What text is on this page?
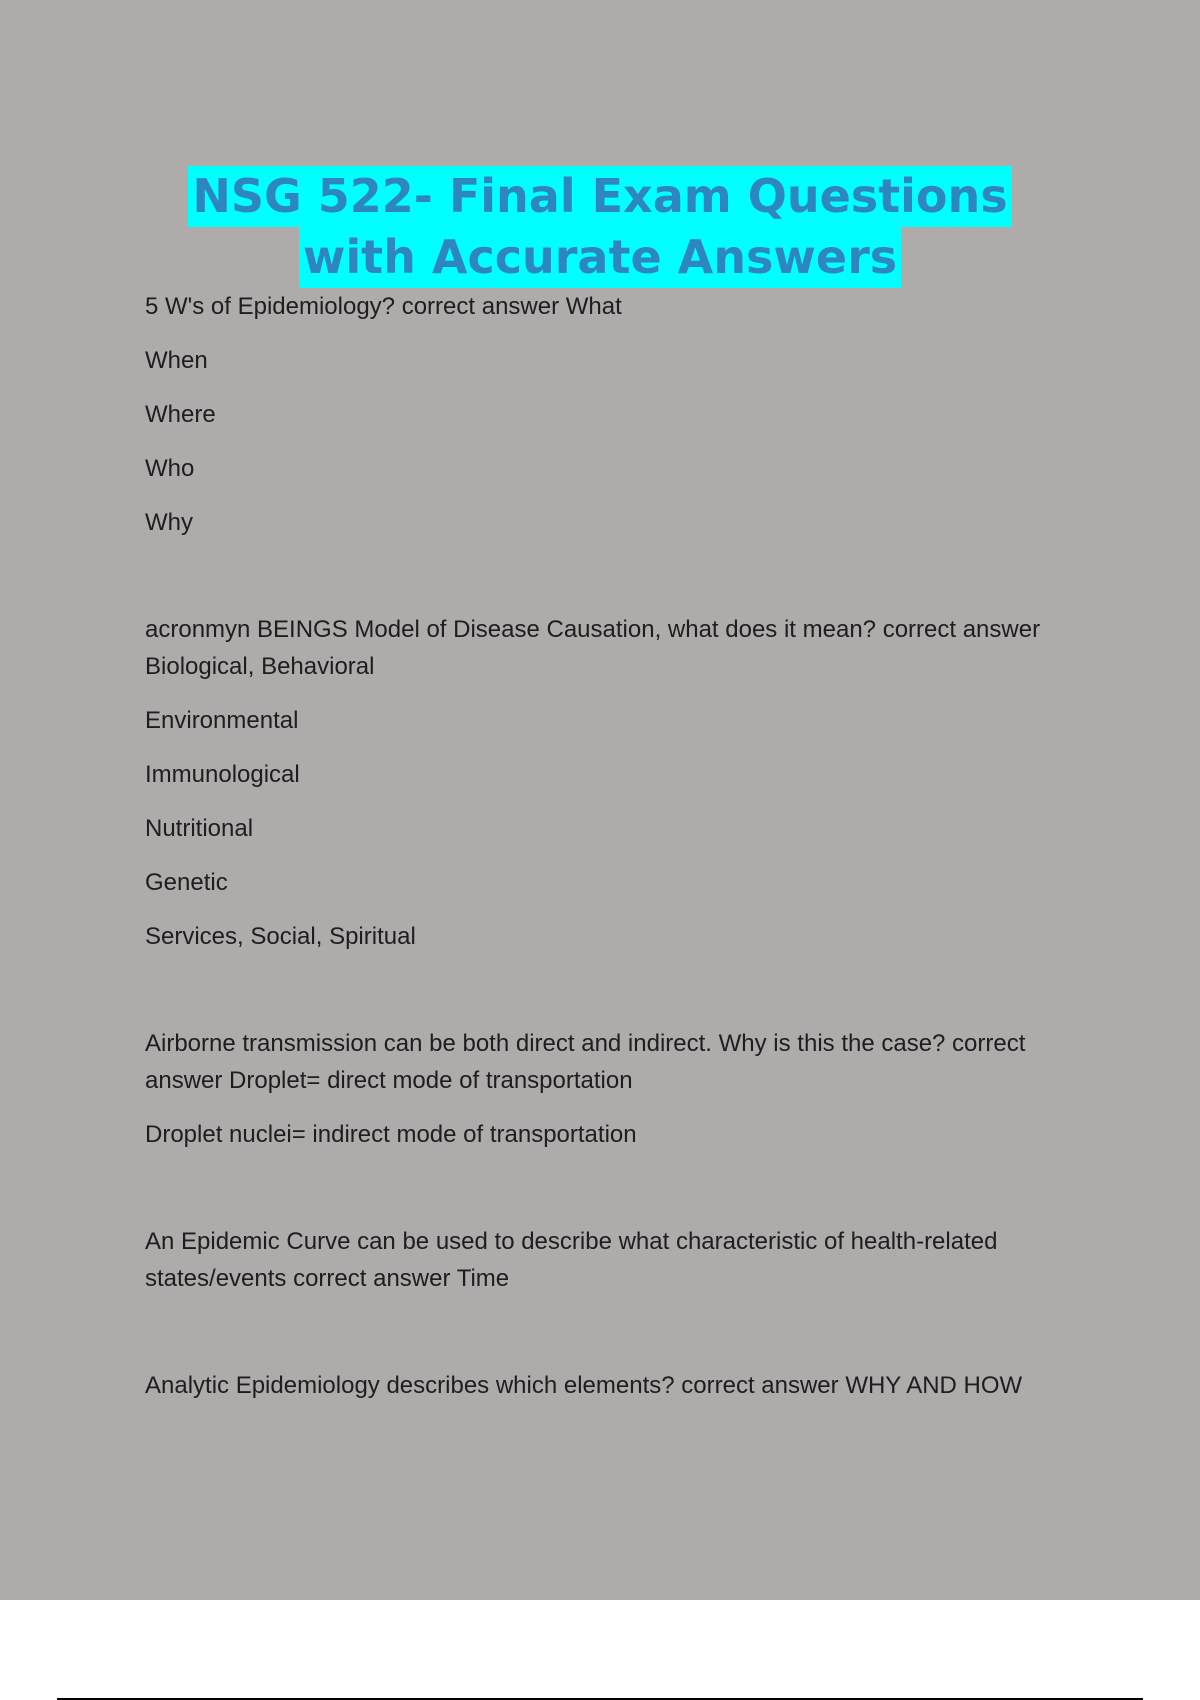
NSG 522- Final Exam Questions
with Accurate Answers

5 W's of Epidemiology? correct answer What

When

Where

Who

Why

acronmyn BEINGS Model of Disease Causation, what does it mean? correct answer Biological, Behavioral

Environmental

Immunological

Nutritional

Genetic

Services, Social, Spiritual

Airborne transmission can be both direct and indirect. Why is this the case? correct answer Droplet= direct mode of transportation

Droplet nuclei= indirect mode of transportation

An Epidemic Curve can be used to describe what characteristic of health-related states/events correct answer Time

Analytic Epidemiology describes which elements? correct answer WHY AND HOW
